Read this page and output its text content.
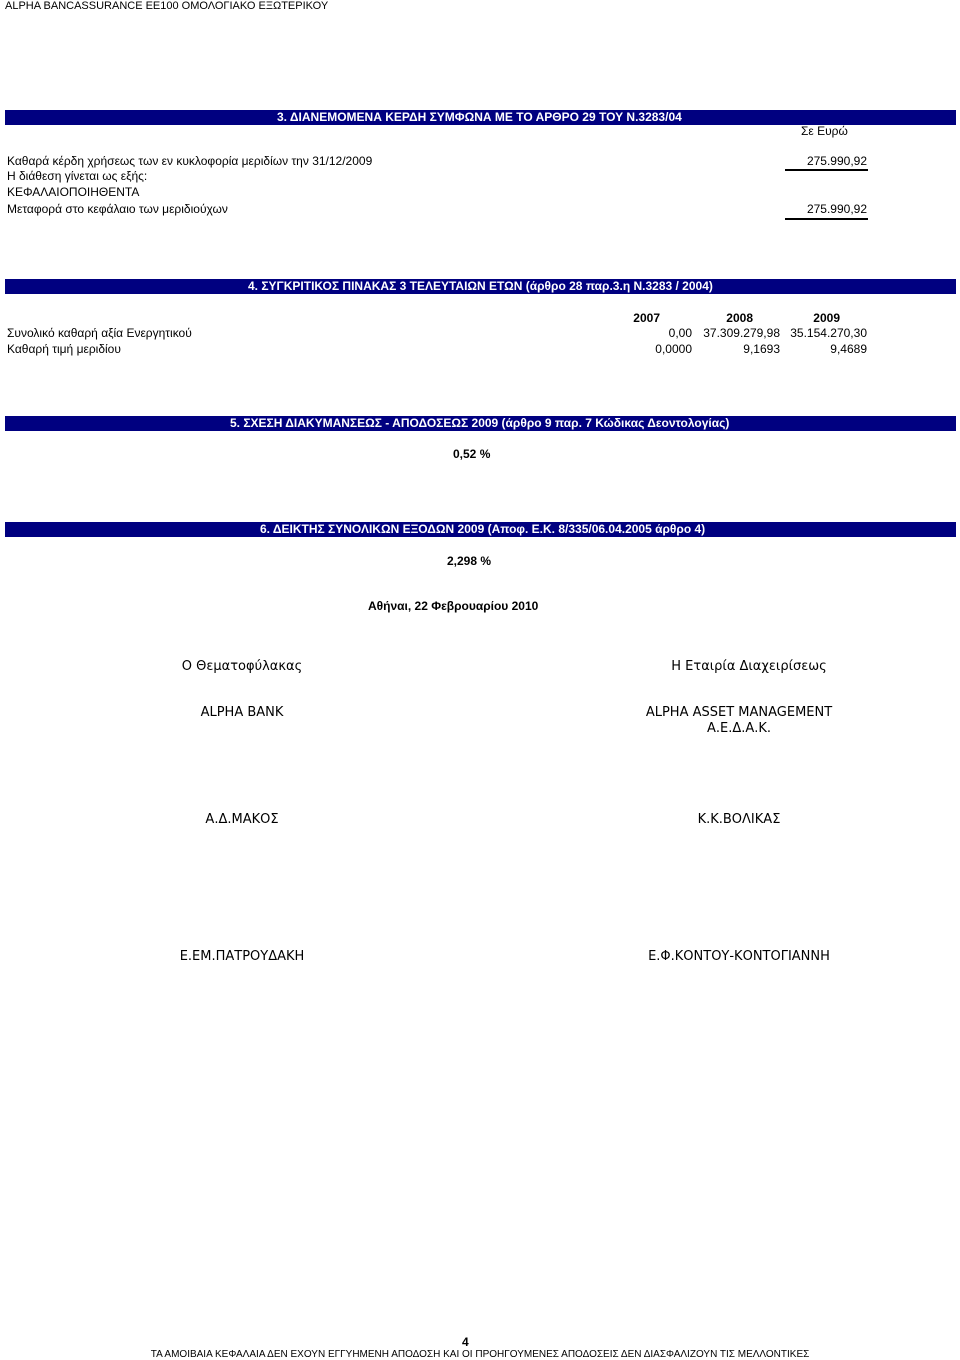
ALPHA BANCASSURANCE EE100 ΟΜΟΛΟΓΙΑΚΟ ΕΞΩΤΕΡΙΚΟΥ
3. ΔΙΑΝΕΜΟΜΕΝΑ ΚΕΡΔΗ ΣΥΜΦΩΝΑ ΜΕ ΤΟ ΑΡΘΡΟ 29 ΤΟΥ Ν.3283/04
Σε Ευρώ
Καθαρά κέρδη χρήσεως των εν κυκλοφορία μεριδίων την 31/12/2009	275.990,92
Η διάθεση γίνεται ως εξής:
ΚΕΦΑΛΑΙΟΠΟΙΗΘΕΝΤΑ
Μεταφορά στο κεφάλαιο των μεριδιούχων	275.990,92
4. ΣΥΓΚΡΙΤΙΚΟΣ ΠΙΝΑΚΑΣ 3 ΤΕΛΕΥΤΑΙΩΝ ΕΤΩΝ (άρθρο 28 παρ.3.η Ν.3283 / 2004)
2007	2008	2009
Συνολικό καθαρή αξία Ενεργητικού	0,00 37.309.279,98 35.154.270,30
Καθαρή τιμή μεριδίου	0,0000	9,1693	9,4689
5. ΣΧΕΣΗ ΔΙΑΚΥΜΑΝΣΕΩΣ - ΑΠΟΔΟΣΕΩΣ 2009 (άρθρο 9 παρ. 7 Κώδικας Δεοντολογίας)
0,52 %
6. ΔΕΙΚΤΗΣ ΣΥΝΟΛΙΚΩΝ ΕΞΟΔΩΝ 2009 (Αποφ. Ε.Κ. 8/335/06.04.2005 άρθρο 4)
2,298 %
Αθήναι, 22 Φεβρουαρίου 2010
Ο Θεματοφύλακας	Η Εταιρία Διαχειρίσεως
ALPHA BANK	ALPHA ASSET MANAGEMENT
Α.Ε.Δ.Α.Κ.
Α.Δ.ΜΑΚΟΣ	Κ.Κ.ΒΟΛΙΚΑΣ
Ε.ΕΜ.ΠΑΤΡΟΥΔΑΚΗ	Ε.Φ.ΚΟΝΤΟΥ-ΚΟΝΤΟΓΙΑΝΝΗ
4
ΤΑ ΑΜΟΙΒΑΙΑ ΚΕΦΑΛΑΙΑ ΔΕΝ ΕΧΟΥΝ ΕΓΓΥΗΜΕΝΗ ΑΠΟΔΟΣΗ ΚΑΙ ΟΙ ΠΡΟΗΓΟΥΜΕΝΕΣ ΑΠΟΔΟΣΕΙΣ ΔΕΝ ΔΙΑΣΦΑΛΙΖΟΥΝ ΤΙΣ ΜΕΛΛΟΝΤΙΚΕΣ
